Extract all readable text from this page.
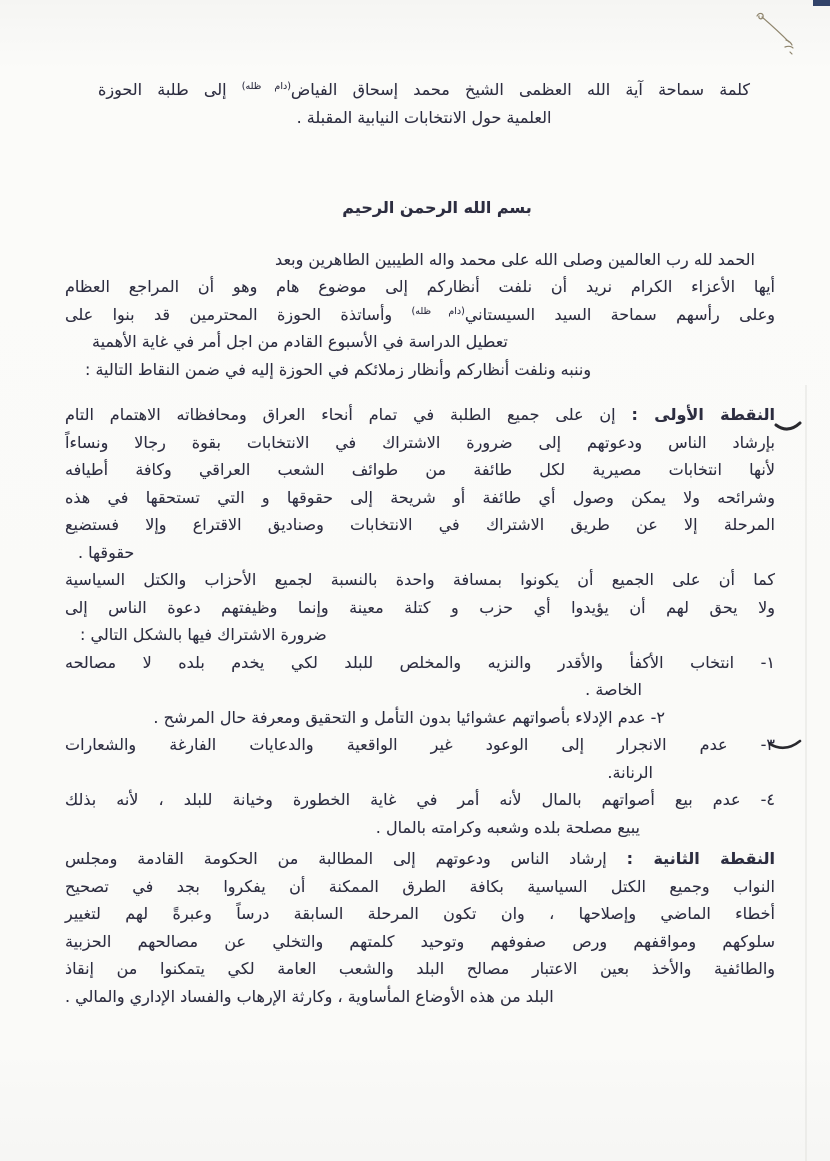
كلمة سماحة آية الله العظمى الشيخ محمد إسحاق الفياض$^{(دام ظله)}$ إلى طلبة الحوزة
العلمية حول الانتخابات النيابية المقبلة .
بسم الله الرحمن الرحيم
الحمد لله رب العالمين وصلى الله على محمد واله الطيبين الطاهرين وبعد
أيها الأعزاء الكرام نريد أن نلفت أنظاركم إلى موضوع هام وهو أن المراجع العظام
وعلى رأسهم سماحة السيد السيستاني$^{(دام ظله)}$ وأساتذة الحوزة المحترمين قد بنوا على
تعطيل الدراسة في الأسبوع القادم من اجل أمر في غاية الأهمية
وننبه ونلفت أنظاركم وأنظار زملائكم في الحوزة إليه في ضمن النقاط التالية :
النقطة الأولى : إن على جميع الطلبة في تمام أنحاء العراق ومحافظاته الاهتمام التام
بإرشاد الناس ودعوتهم إلى ضرورة الاشتراك في الانتخابات بقوة رجالا ونساءاً
لأنها انتخابات مصيرية لكل طائفة من طوائف الشعب العراقي وكافة أطيافه
وشرائحه ولا يمكن وصول أي طائفة أو شريحة إلى حقوقها و التي تستحقها في هذه
المرحلة إلا عن طريق الاشتراك في الانتخابات وصناديق الاقتراع وإلا فستضيع
حقوقها .
كما أن على الجميع أن يكونوا بمسافة واحدة بالنسبة لجميع الأحزاب والكتل السياسية
ولا يحق لهم أن يؤيدوا أي حزب و كتلة معينة وإنما وظيفتهم دعوة الناس إلى
ضرورة الاشتراك فيها بالشكل التالي :
١- انتخاب الأكفأ والأقدر والنزيه والمخلص للبلد لكي يخدم بلده لا مصالحه
الخاصة .
٢- عدم الإدلاء بأصواتهم عشوائيا بدون التأمل و التحقيق ومعرفة حال المرشح .
٣- عدم الانجرار إلى الوعود غير الواقعية والدعايات الفارغة والشعارات
الرنانة.
٤- عدم بيع أصواتهم بالمال لأنه أمر في غاية الخطورة وخيانة للبلد ، لأنه بذلك
يبيع مصلحة بلده وشعبه وكرامته بالمال .
النقطة الثانية : إرشاد الناس ودعوتهم إلى المطالبة من الحكومة القادمة ومجلس
النواب وجميع الكتل السياسية بكافة الطرق الممكنة أن يفكروا بجد في تصحيح
أخطاء الماضي وإصلاحها ، وان تكون المرحلة السابقة درساً وعبرةً لهم لتغيير
سلوكهم ومواقفهم ورص صفوفهم وتوحيد كلمتهم والتخلي عن مصالحهم الحزبية
والطائفية والأخذ بعين الاعتبار مصالح البلد والشعب العامة لكي يتمكنوا من إنقاذ
البلد من هذه الأوضاع المأساوية ، وكارثة الإرهاب والفساد الإداري والمالي .
